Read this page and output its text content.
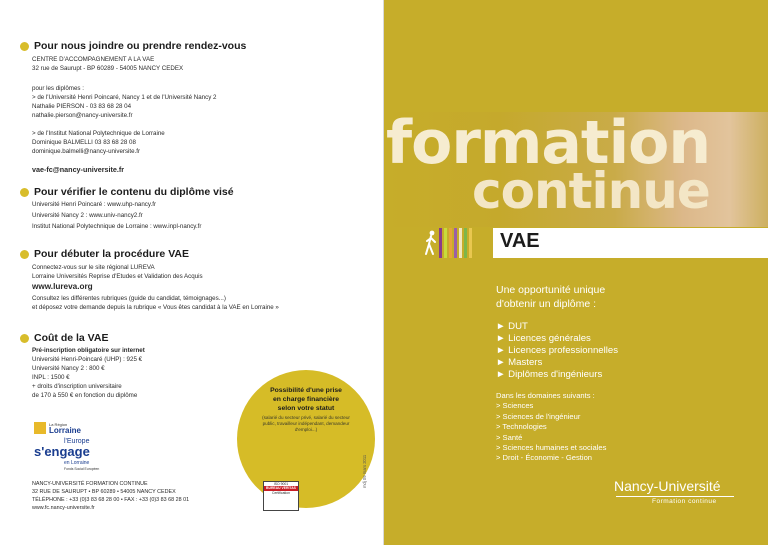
Pour nous joindre ou prendre rendez-vous
CENTRE D'ACCOMPAGNEMENT A LA VAE
32 rue de Saurupt - BP 60289 - 54005 NANCY CEDEX
pour les diplômes :
> de l'Université Henri Poincaré, Nancy 1 et de l'Université Nancy 2
Nathalie PIERSON - 03 83 68 28 04
nathalie.pierson@nancy-universite.fr
> de l'Institut National Polytechnique de Lorraine
Dominique BALMELLI 03 83 68 28 08
dominique.balmelli@nancy-universite.fr
vae-fc@nancy-universite.fr
Pour vérifier le contenu du diplôme visé
Université Henri Poincaré : www.uhp-nancy.fr
Université Nancy 2 : www.univ-nancy2.fr
Institut National Polytechnique de Lorraine : www.inpl-nancy.fr
Pour débuter la procédure VAE
Connectez-vous sur le site régional LUREVA
Lorraine Universités Reprise d'Etudes et Validation des Acquis
www.lureva.org
Consultez les différentes rubriques (guide du candidat, témoignages...)
et déposez votre demande depuis la rubrique « Vous êtes candidat à la VAE en Lorraine »
Coût de la VAE
Pré-inscription obligatoire sur internet
Université Henri-Poincaré (UHP) : 925 €
Université Nancy 2 : 800 €
INPL : 1500 €
+ droits d'inscription universitaire
de 170 à 550 € en fonction du diplôme
Possibilité d'une prise
en charge financière
selon votre statut
(salarié du secteur privé, salarié du secteur public, travailleur indépendant, demandeur d'emploi...)
La Région
Lorraine
l'Europe
s'engage
en Lorraine
Fonds Social Européen
NANCY-UNIVERSITÉ FORMATION CONTINUE
32 RUE DE SAURUPT • BP 60289 • 54005 NANCY CEDEX
TÉLÉPHONE : +33 (0)3 83 68 28 00 • FAX : +33 (0)3 83 68 28 01
www.fc.nancy-universite.fr
ISO 9001
BUREAU VERITAS
Certification
mdj 09 mars 2011
formation
continue
VAE
Une opportunité unique
d'obtenir un diplôme :
► DUT
► Licences générales
► Licences professionnelles
► Masters
► Diplômes d'ingénieurs
Dans les domaines suivants :
> Sciences
> Sciences de l'ingénieur
> Technologies
> Santé
> Sciences humaines et sociales
> Droit - Économie - Gestion
Nancy-Université
Formation continue
